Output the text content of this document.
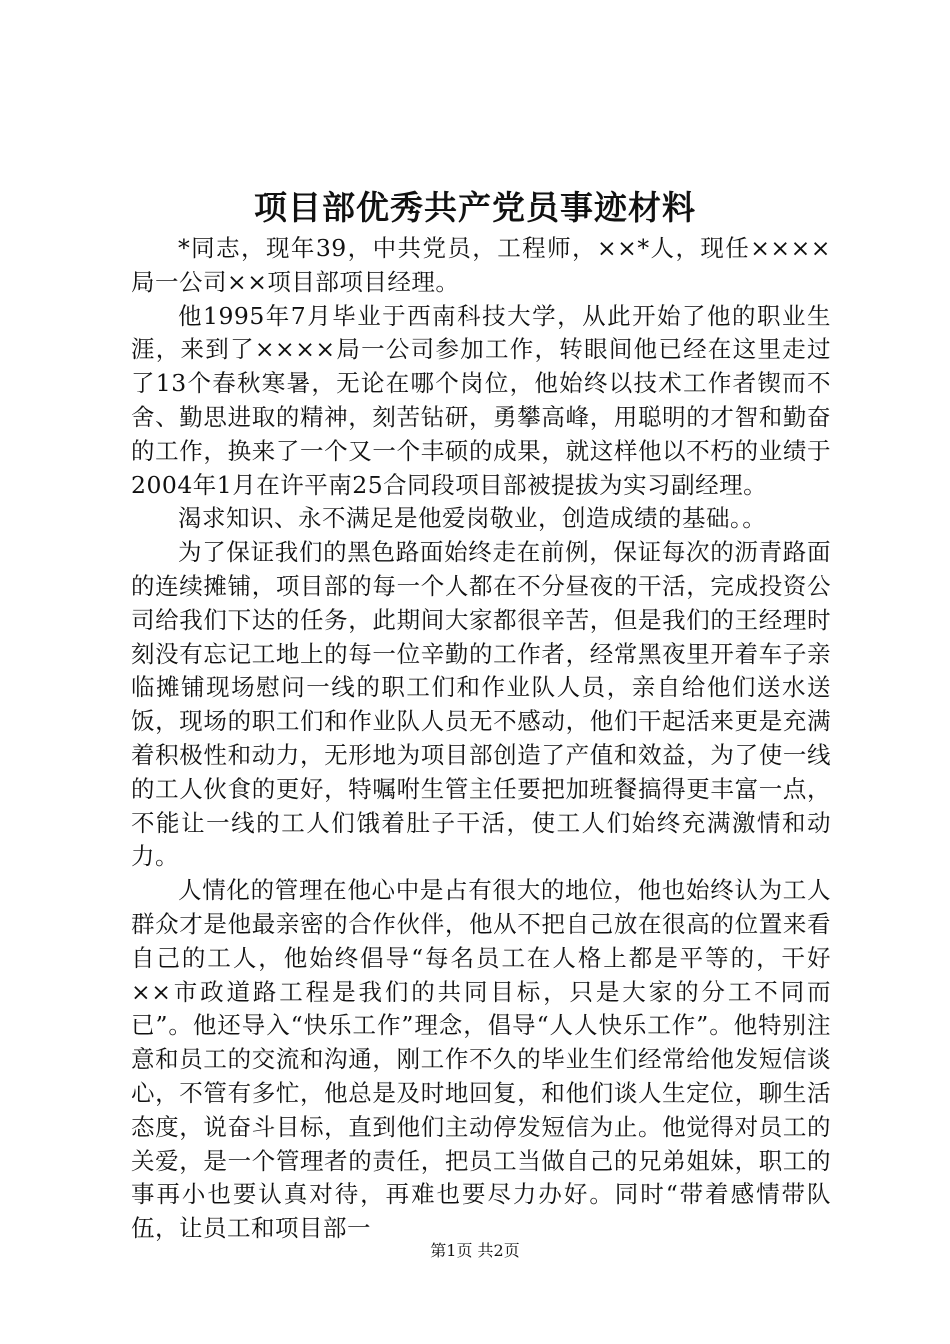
项目部优秀共产党员事迹材料

*同志，现年39，中共党员，工程师，××*人，现任××××局一公司××项目部项目经理。

他1995年7月毕业于西南科技大学，从此开始了他的职业生涯，来到了××××局一公司参加工作，转眼间他已经在这里走过了13个春秋寒暑，无论在哪个岗位，他始终以技术工作者锲而不舍、勤思进取的精神，刻苦钻研，勇攀高峰，用聪明的才智和勤奋的工作，换来了一个又一个丰硕的成果，就这样他以不朽的业绩于2004年1月在许平南25合同段项目部被提拔为实习副经理。

渴求知识、永不满足是他爱岗敬业，创造成绩的基础。。

为了保证我们的黑色路面始终走在前例，保证每次的沥青路面的连续摊铺，项目部的每一个人都在不分昼夜的干活，完成投资公司给我们下达的任务，此期间大家都很辛苦，但是我们的王经理时刻没有忘记工地上的每一位辛勤的工作者，经常黑夜里开着车子亲临摊铺现场慰问一线的职工们和作业队人员，亲自给他们送水送饭，现场的职工们和作业队人员无不感动，他们干起活来更是充满着积极性和动力，无形地为项目部创造了产值和效益，为了使一线的工人伙食的更好，特嘱咐生管主任要把加班餐搞得更丰富一点，不能让一线的工人们饿着肚子干活，使工人们始终充满激情和动力。

人情化的管理在他心中是占有很大的地位，他也始终认为工人群众才是他最亲密的合作伙伴，他从不把自己放在很高的位置来看自己的工人，他始终倡导“每名员工在人格上都是平等的，干好××市政道路工程是我们的共同目标，只是大家的分工不同而已”。他还导入“快乐工作”理念，倡导“人人快乐工作”。他特别注意和员工的交流和沟通，刚工作不久的毕业生们经常给他发短信谈心，不管有多忙，他总是及时地回复，和他们谈人生定位，聊生活态度，说奋斗目标，直到他们主动停发短信为止。他觉得对员工的关爱，是一个管理者的责任，把员工当做自己的兄弟姐妹，职工的事再小也要认真对待，再难也要尽力办好。同时“带着感情带队伍，让员工和项目部一

第1页 共2页
